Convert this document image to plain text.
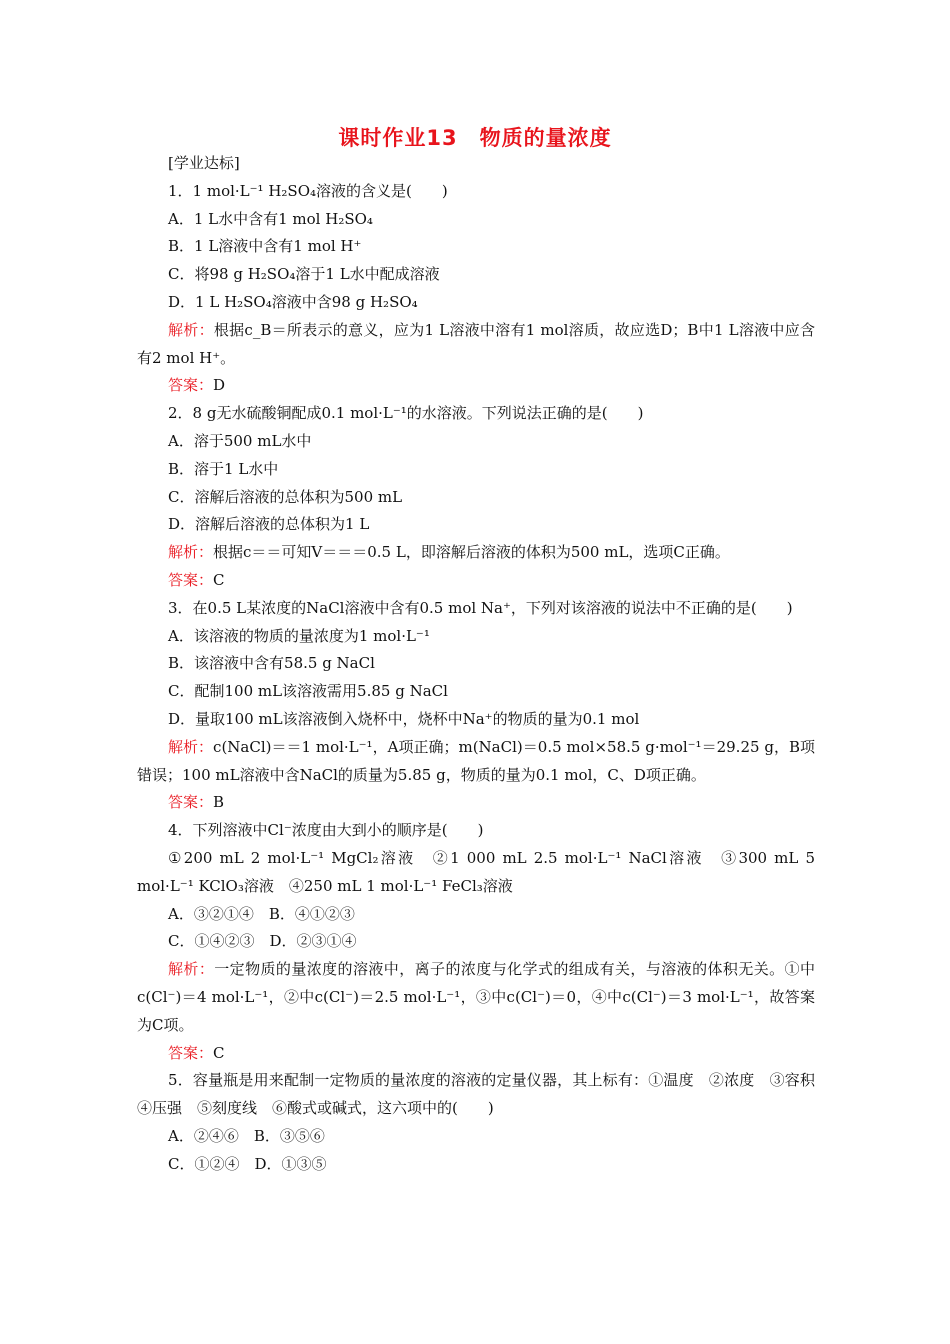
课时作业13 物质的量浓度
[学业达标]
1．1 mol·L⁻¹ H₂SO₄溶液的含义是(　　)
A．1 L水中含有1 mol H₂SO₄
B．1 L溶液中含有1 mol H⁺
C．将98 g H₂SO₄溶于1 L水中配成溶液
D．1 L H₂SO₄溶液中含98 g H₂SO₄
解析：根据c_B＝所表示的意义，应为1 L溶液中溶有1 mol溶质，故应选D；B中1 L溶液中应含有2 mol H⁺。
答案：D
2．8 g无水硫酸铜配成0.1 mol·L⁻¹的水溶液。下列说法正确的是(　　)
A．溶于500 mL水中
B．溶于1 L水中
C．溶解后溶液的总体积为500 mL
D．溶解后溶液的总体积为1 L
解析：根据c＝＝可知V＝＝＝0.5 L，即溶解后溶液的体积为500 mL，选项C正确。
答案：C
3．在0.5 L某浓度的NaCl溶液中含有0.5 mol Na⁺，下列对该溶液的说法中不正确的是(　　)
A．该溶液的物质的量浓度为1 mol·L⁻¹
B．该溶液中含有58.5 g NaCl
C．配制100 mL该溶液需用5.85 g NaCl
D．量取100 mL该溶液倒入烧杯中，烧杯中Na⁺的物质的量为0.1 mol
解析：c(NaCl)＝＝1 mol·L⁻¹，A项正确；m(NaCl)＝0.5 mol×58.5 g·mol⁻¹＝29.25 g，B项错误；100 mL溶液中含NaCl的质量为5.85 g，物质的量为0.1 mol，C、D项正确。
答案：B
4．下列溶液中Cl⁻浓度由大到小的顺序是(　　)
①200 mL 2 mol·L⁻¹ MgCl₂溶液　②1 000 mL 2.5 mol·L⁻¹ NaCl溶液　③300 mL 5 mol·L⁻¹ KClO₃溶液　④250 mL 1 mol·L⁻¹ FeCl₃溶液
A．③②①④　B．④①②③
C．①④②③　D．②③①④
解析：一定物质的量浓度的溶液中，离子的浓度与化学式的组成有关，与溶液的体积无关。①中c(Cl⁻)＝4 mol·L⁻¹，②中c(Cl⁻)＝2.5 mol·L⁻¹，③中c(Cl⁻)＝0，④中c(Cl⁻)＝3 mol·L⁻¹，故答案为C项。
答案：C
5．容量瓶是用来配制一定物质的量浓度的溶液的定量仪器，其上标有：①温度　②浓度　③容积　④压强　⑤刻度线　⑥酸式或碱式，这六项中的(　　)
A．②④⑥　B．③⑤⑥
C．①②④　D．①③⑤
